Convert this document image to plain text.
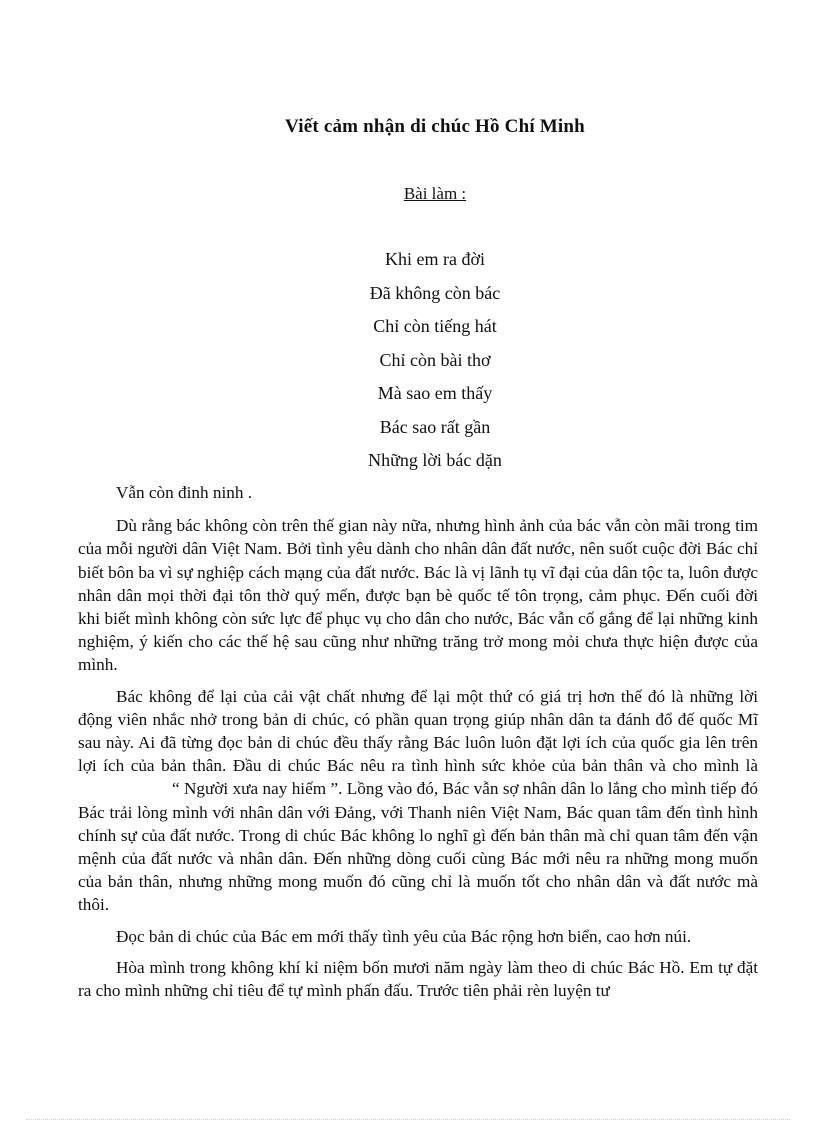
Viết cảm nhận di chúc Hồ Chí Minh
Bài làm :
Khi em ra đời
Đã không còn bác
Chỉ còn tiếng hát
Chỉ còn bài thơ
Mà sao em thấy
Bác sao rất gần
Những lời bác dặn

Vẫn còn đinh ninh .

Dù rằng bác không còn trên thế gian này nữa, nhưng hình ảnh của bác vẫn còn mãi trong tim của mỗi người dân Việt Nam. Bởi tình yêu dành cho nhân dân đất nước, nên suốt cuộc đời Bác chỉ biết bôn ba vì sự nghiệp cách mạng của đất nước. Bác là vị lãnh tụ vĩ đại của dân tộc ta, luôn được nhân dân mọi thời đại tôn thờ quý mến, được bạn bè quốc tế tôn trọng, cảm phục. Đến cuối đời khi biết mình không còn sức lực để phục vụ cho dân cho nước, Bác vẫn cố gắng để lại những kinh nghiệm, ý kiến cho các thế hệ sau cũng như những trăng trở mong mỏi chưa thực hiện được của mình.

Bác không để lại của cải vật chất nhưng để lại một thứ có giá trị hơn thế đó là những lời động viên nhắc nhở trong bản di chúc, có phần quan trọng giúp nhân dân ta đánh đổ đế quốc Mĩ sau này. Ai đã từng đọc bản di chúc đều thấy rằng Bác luôn luôn đặt lợi ích của quốc gia lên trên lợi ích của bản thân. Đầu di chúc Bác nêu ra tình hình sức khỏe của bản thân và cho mình là“ Người xưa nay hiếm ”. Lồng vào đó, Bác vẫn sợ nhân dân lo lắng cho mình tiếp đó Bác trải lòng mình với nhân dân với Đảng, với Thanh niên Việt Nam, Bác quan tâm đến tình hình chính sự của đất nước. Trong di chúc Bác không lo nghĩ gì đến bản thân mà chỉ quan tâm đến vận mệnh của đất nước và nhân dân. Đến những dòng cuối cùng Bác mới nêu ra những mong muốn của bản thân, nhưng những mong muốn đó cũng chỉ là muốn tốt cho nhân dân và đất nước mà thôi.

Đọc bản di chúc của Bác em mới thấy tình yêu của Bác rộng hơn biển, cao hơn núi.

Hòa mình trong không khí kỉ niệm bốn mươi năm ngày làm theo di chúc Bác Hồ. Em tự đặt ra cho mình những chỉ tiêu để tự mình phấn đấu. Trước tiên phải rèn luyện tư
